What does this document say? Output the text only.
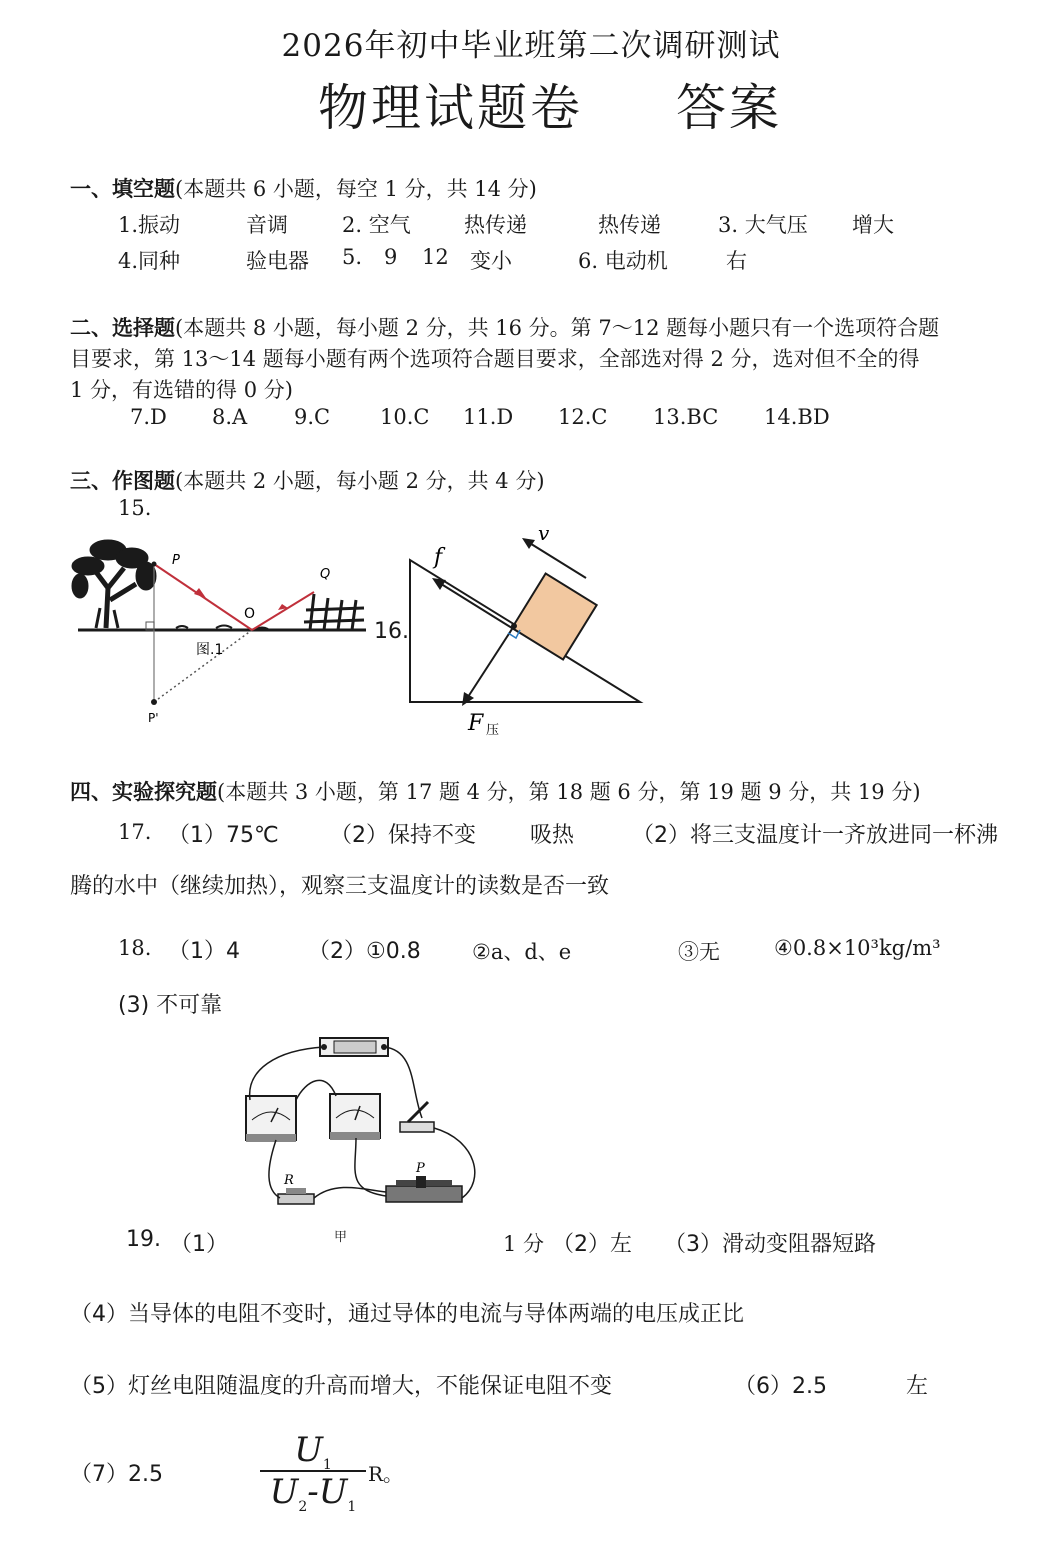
2026年初中毕业班第二次调研测试
物理试题卷 答案
一、填空题(本题共 6 小题，每空 1 分，共 14 分)
1.振动	音调	2. 空气	热传递	热传递	3. 大气压 增大
4.同种	验电器 5. 9 12 变小	6. 电动机	右
二、选择题(本题共 8 小题，每小题 2 分，共 16 分。第 7～12 题每小题只有一个选项符合题
目要求，第 13～14 题每小题有两个选项符合题目要求，全部选对得 2 分，选对但不全的得
1 分，有选错的得 0 分)
7.D 8.A 9.C 10.C 11.D 12.C 13.BC 14.BD
三、作图题(本题共 2 小题，每小题 2 分，共 4 分)
15.
P
Q
O
P'
图.1
16.
f
v
F 压
四、实验探究题(本题共 3 小题，第 17 题 4 分，第 18 题 6 分，第 19 题 9 分，共 19 分)
17. （1）75℃ （2）保持不变 吸热	（2）将三支温度计一齐放进同一杯沸
腾的水中（继续加热），观察三支温度计的读数是否一致
18. （1）4	（2）①0.8 ②a、d、e	③无	④0.8×10³kg/m³
(3) 不可靠
R
P
19. （1）	甲	1 分 （2）左 （3）滑动变阻器短路
（4）当导体的电阻不变时，通过导体的电流与导体两端的电压成正比
（5）灯丝电阻随温度的升高而增大，不能保证电阻不变	（6）2.5	左
（7）2.5
$U_1$
$U_2-U_1$
R。
